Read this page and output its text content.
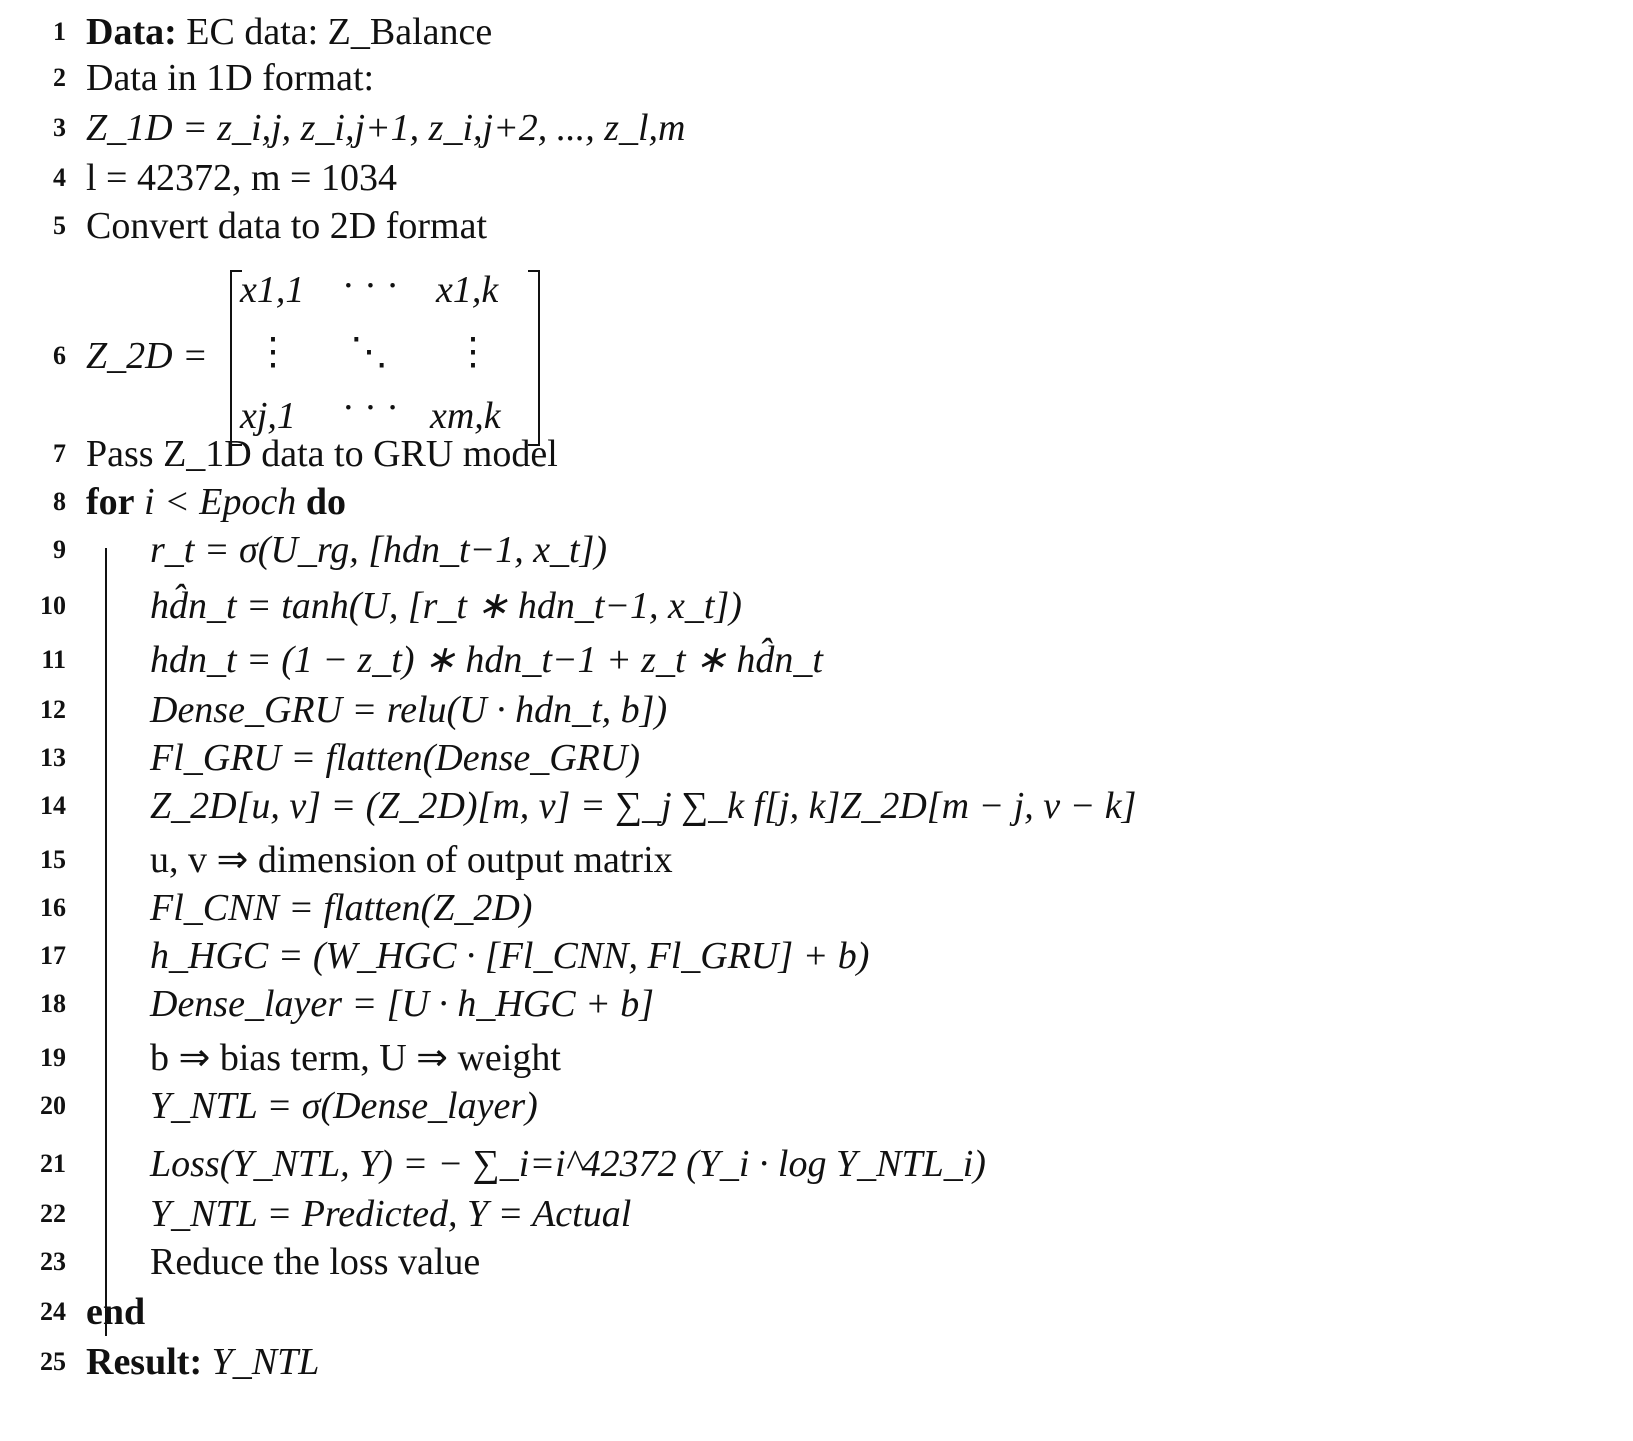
1 Data: EC data: Z_Balance
2 Data in 1D format:
3 Z_1D = z_i,j, z_i,j+1, z_i,j+2, ..., z_l,m
4 l = 42372, m = 1034
5 Convert data to 2D format
6 Z_2D =
x1,1 · · · x1,k
⋮ ⋱ ⋮
xj,1 · · · xm,k
7 Pass Z_1D data to GRU model
8 for i < Epoch do
9 r_t = σ(U_rg, [hdn_t−1, x_t])
10 hd̂n_t = tanh(U, [r_t ∗ hdn_t−1, x_t])
11 hdn_t = (1 − z_t) ∗ hdn_t−1 + z_t ∗ hd̂n_t
12 Dense_GRU = relu(U · hdn_t, b])
13 Fl_GRU = flatten(Dense_GRU)
14 Z_2D[u, v] = (Z_2D)[m, v] = ∑_j ∑_k f[j, k]Z_2D[m − j, v − k]
15 u, v ⇒ dimension of output matrix
16 Fl_CNN = flatten(Z_2D)
17 h_HGC = (W_HGC · [Fl_CNN, Fl_GRU] + b)
18 Dense_layer = [U · h_HGC + b]
19 b ⇒ bias term, U ⇒ weight
20 Y_NTL = σ(Dense_layer)
21 Loss(Y_NTL, Y) = − ∑_i=i^42372 (Y_i · log Y_NTL_i)
22 Y_NTL = Predicted, Y = Actual
23 Reduce the loss value
24 end
25 Result: Y_NTL
